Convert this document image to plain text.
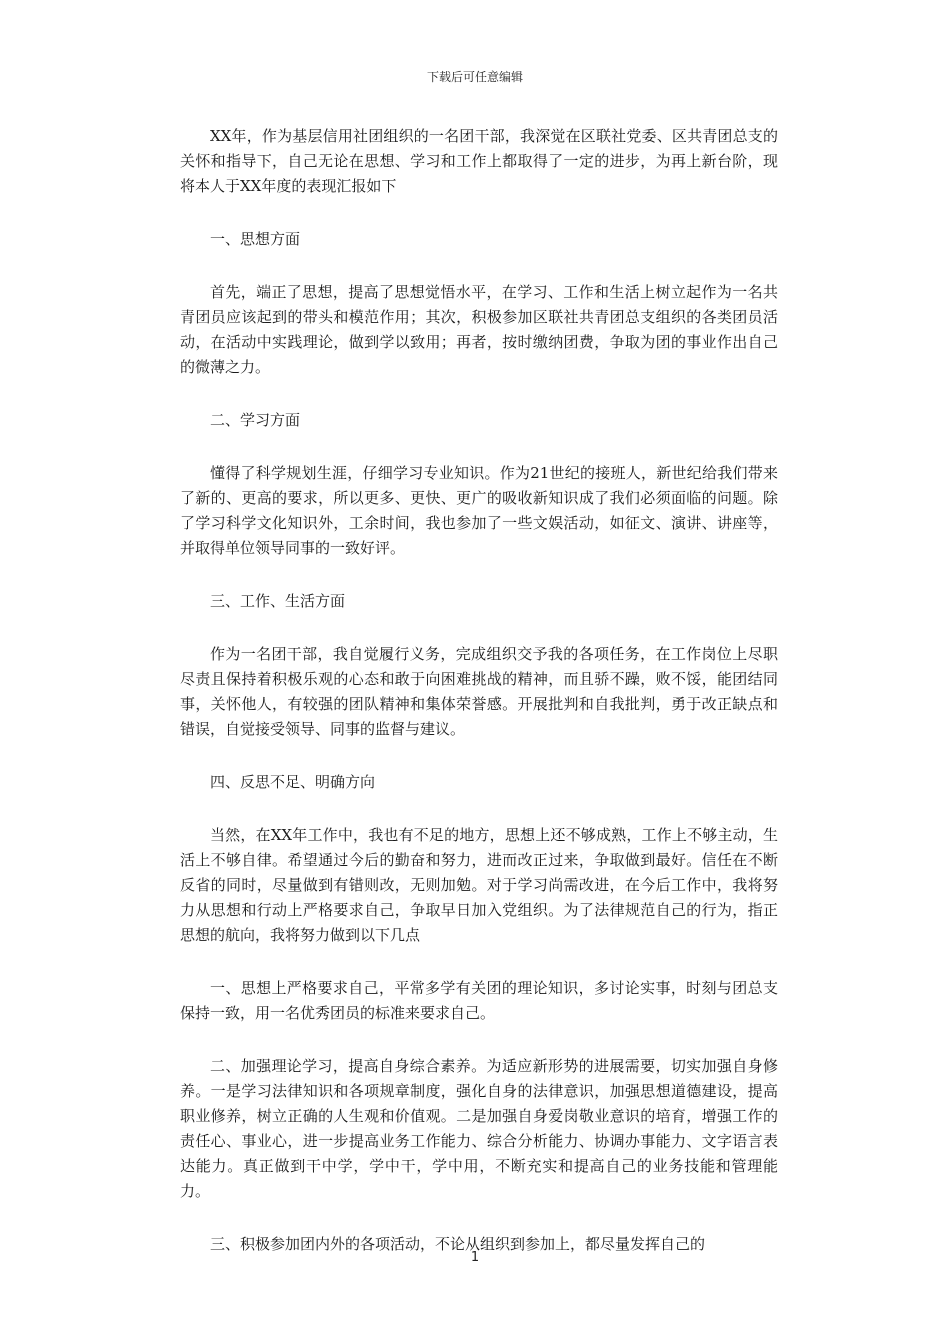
下载后可任意编辑

XX年，作为基层信用社团组织的一名团干部，我深觉在区联社党委、区共青团总支的关怀和指导下，自己无论在思想、学习和工作上都取得了一定的进步，为再上新台阶，现将本人于XX年度的表现汇报如下

一、思想方面

首先，端正了思想，提高了思想觉悟水平，在学习、工作和生活上树立起作为一名共青团员应该起到的带头和模范作用；其次，积极参加区联社共青团总支组织的各类团员活动，在活动中实践理论，做到学以致用；再者，按时缴纳团费，争取为团的事业作出自己的微薄之力。

二、学习方面

懂得了科学规划生涯，仔细学习专业知识。作为21世纪的接班人，新世纪给我们带来了新的、更高的要求，所以更多、更快、更广的吸收新知识成了我们必须面临的问题。除了学习科学文化知识外，工余时间，我也参加了一些文娱活动，如征文、演讲、讲座等，并取得单位领导同事的一致好评。

三、工作、生活方面

作为一名团干部，我自觉履行义务，完成组织交予我的各项任务，在工作岗位上尽职尽责且保持着积极乐观的心态和敢于向困难挑战的精神，而且骄不躁，败不馁，能团结同事，关怀他人，有较强的团队精神和集体荣誉感。开展批判和自我批判，勇于改正缺点和错误，自觉接受领导、同事的监督与建议。

四、反思不足、明确方向

当然，在XX年工作中，我也有不足的地方，思想上还不够成熟，工作上不够主动，生活上不够自律。希望通过今后的勤奋和努力，进而改正过来，争取做到最好。信任在不断反省的同时，尽量做到有错则改，无则加勉。对于学习尚需改进，在今后工作中，我将努力从思想和行动上严格要求自己，争取早日加入党组织。为了法律规范自己的行为，指正思想的航向，我将努力做到以下几点

一、思想上严格要求自己，平常多学有关团的理论知识，多讨论实事，时刻与团总支保持一致，用一名优秀团员的标准来要求自己。

二、加强理论学习，提高自身综合素养。为适应新形势的进展需要，切实加强自身修养。一是学习法律知识和各项规章制度，强化自身的法律意识，加强思想道德建设，提高职业修养，树立正确的人生观和价值观。二是加强自身爱岗敬业意识的培育，增强工作的责任心、事业心，进一步提高业务工作能力、综合分析能力、协调办事能力、文字语言表达能力。真正做到干中学，学中干，学中用，不断充实和提高自己的业务技能和管理能力。

三、积极参加团内外的各项活动，不论从组织到参加上，都尽量发挥自己的

1
